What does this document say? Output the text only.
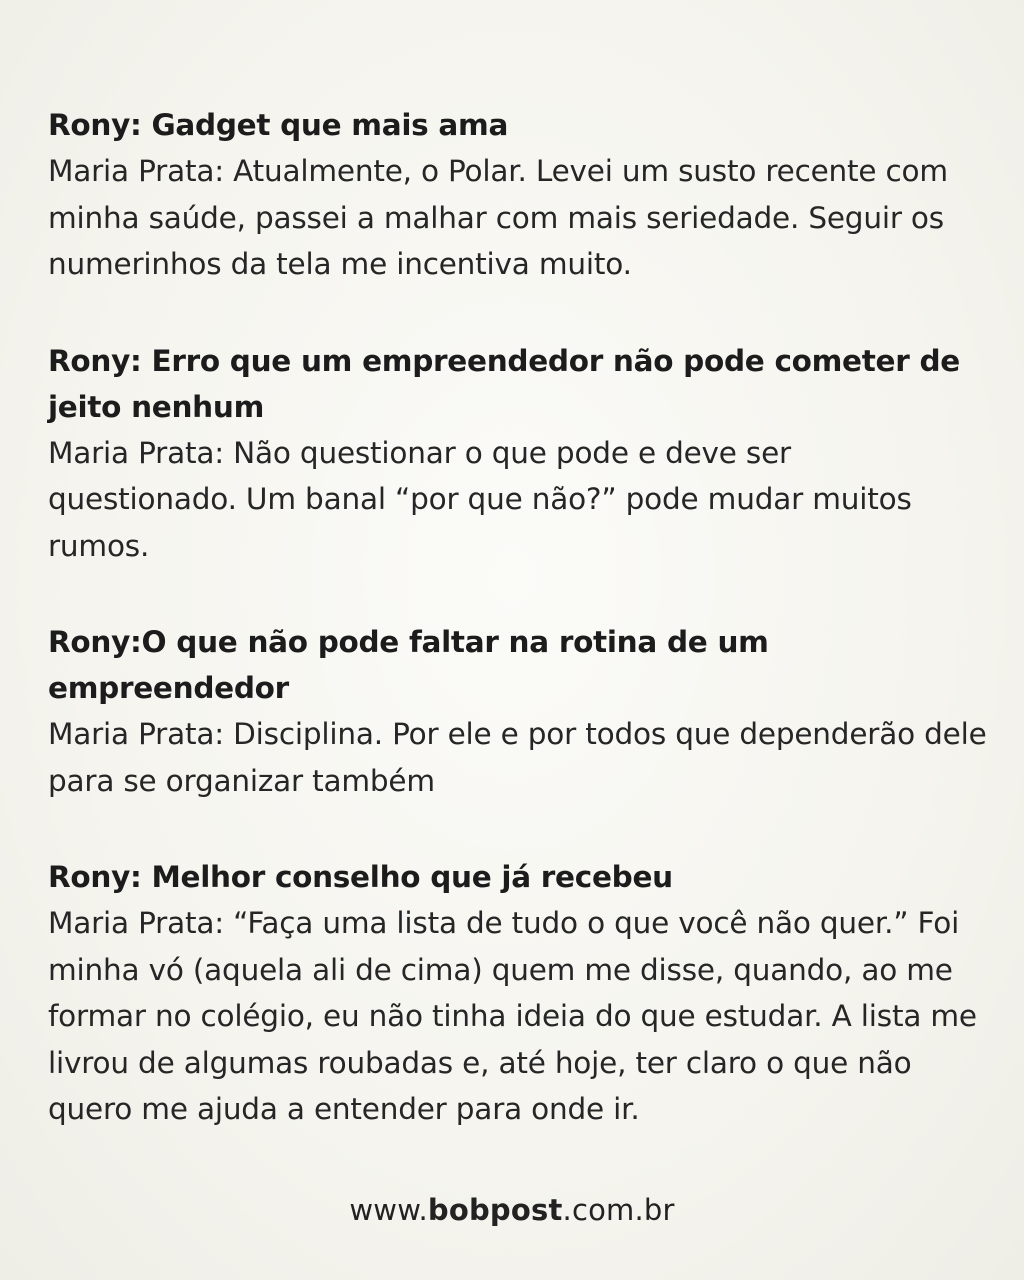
Rony: Gadget que mais ama

Maria Prata: Atualmente, o Polar. Levei um susto recente com minha saúde, passei a malhar com mais seriedade. Seguir os numerinhos da tela me incentiva muito.

Rony: Erro que um empreendedor não pode cometer de jeito nenhum

Maria Prata: Não questionar o que pode e deve ser questionado. Um banal “por que não?” pode mudar muitos rumos.

Rony:O que não pode faltar na rotina de um empreendedor

Maria Prata: Disciplina. Por ele e por todos que dependerão dele para se organizar também

Rony: Melhor conselho que já recebeu

Maria Prata: “Faça uma lista de tudo o que você não quer.” Foi minha vó (aquela ali de cima) quem me disse, quando, ao me formar no colégio, eu não tinha ideia do que estudar. A lista me livrou de algumas roubadas e, até hoje, ter claro o que não quero me ajuda a entender para onde ir.

www.bobpost.com.br
